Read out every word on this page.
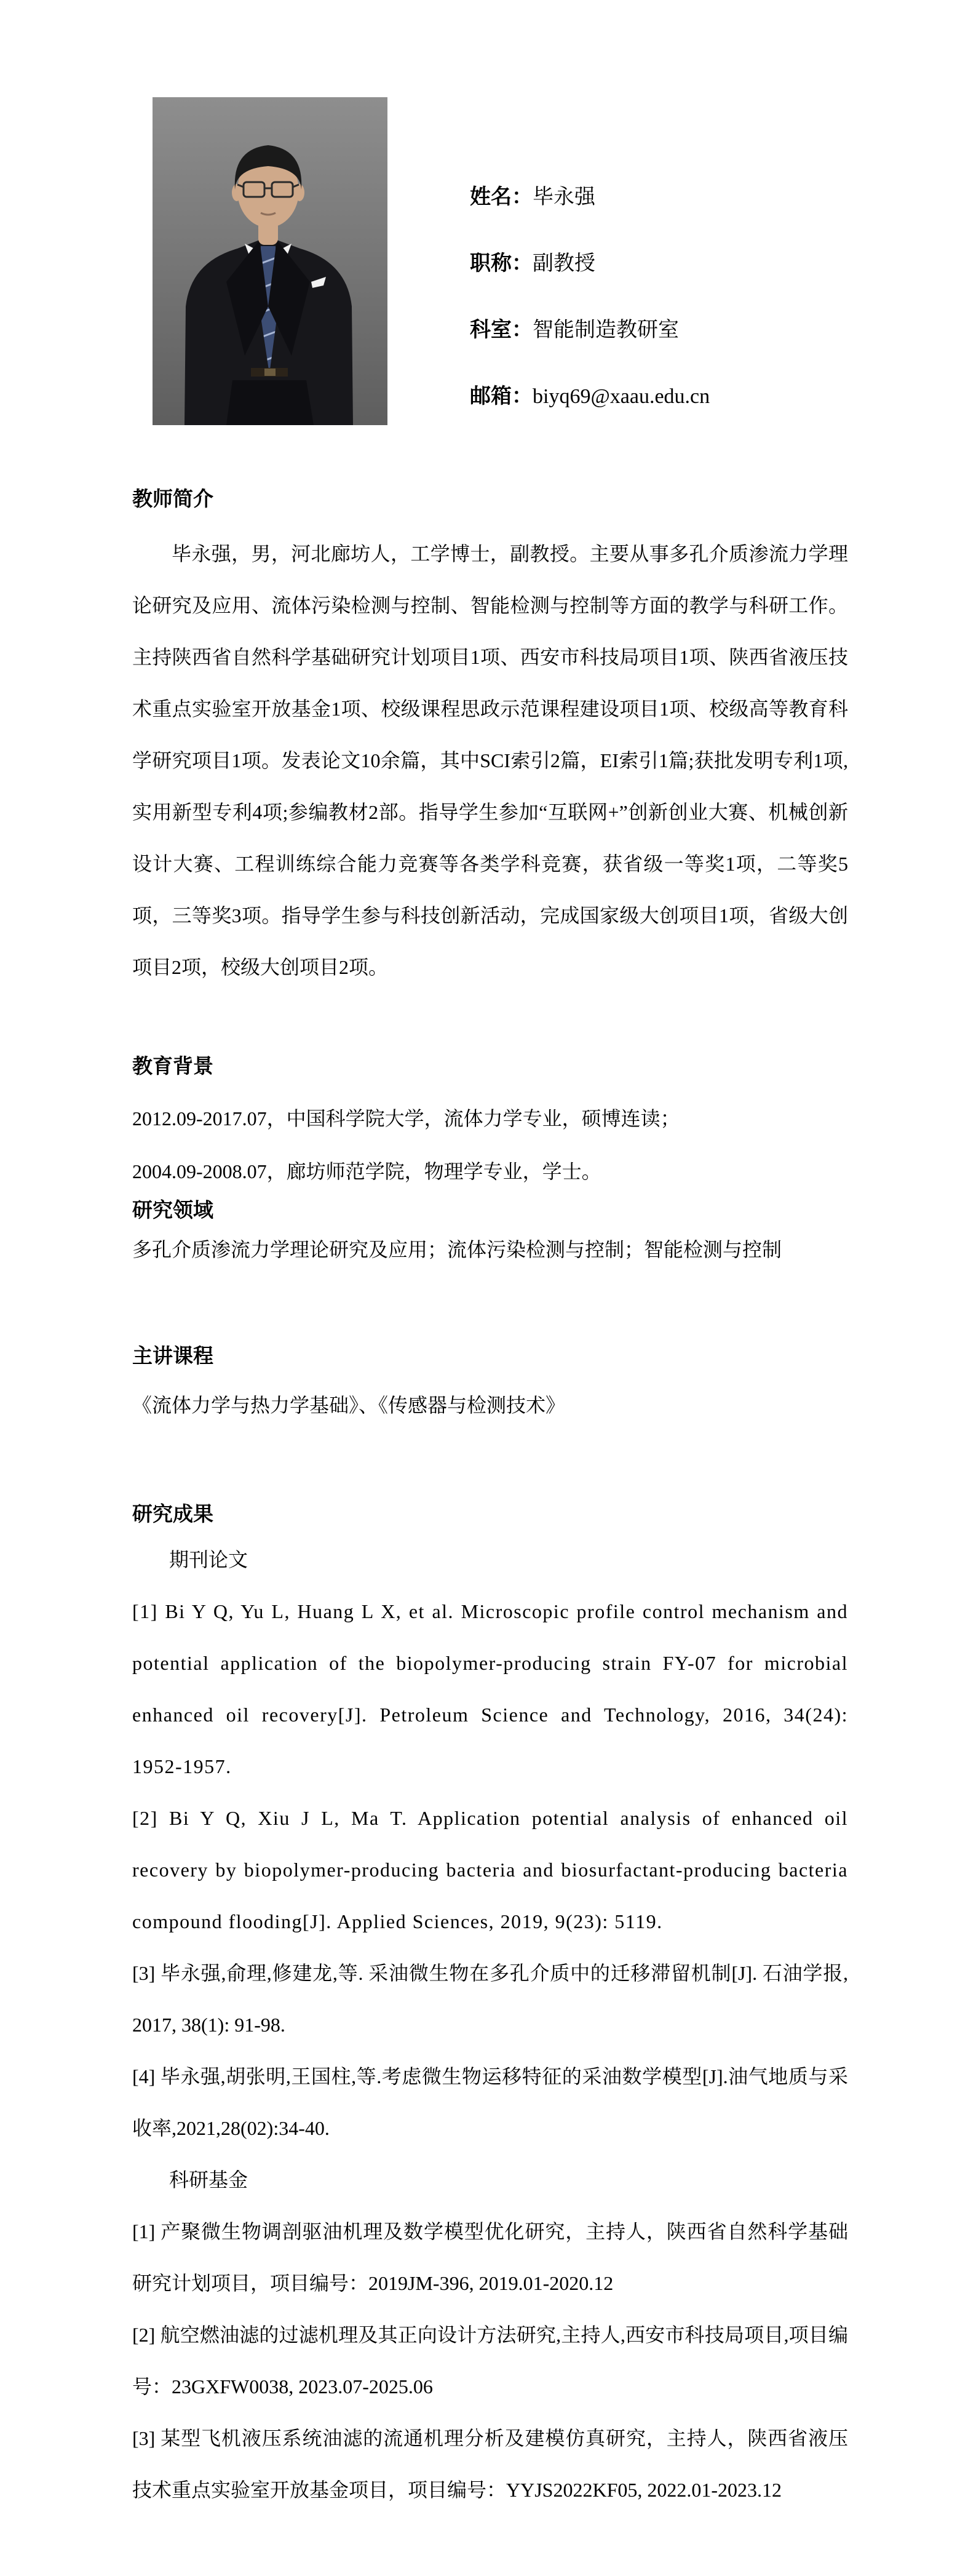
姓名：毕永强
职称：副教授
科室：智能制造教研室
邮箱：biyq69@xaau.edu.cn
教师简介

毕永强，男，河北廊坊人，工学博士，副教授。主要从事多孔介质渗流力学理论研究及应用、流体污染检测与控制、智能检测与控制等方面的教学与科研工作。主持陕西省自然科学基础研究计划项目1项、西安市科技局项目1项、陕西省液压技术重点实验室开放基金1项、校级课程思政示范课程建设项目1项、校级高等教育科学研究项目1项。发表论文10余篇，其中SCI索引2篇，EI索引1篇;获批发明专利1项,实用新型专利4项;参编教材2部。指导学生参加“互联网+”创新创业大赛、机械创新设计大赛、工程训练综合能力竞赛等各类学科竞赛，获省级一等奖1项，二等奖5项，三等奖3项。指导学生参与科技创新活动，完成国家级大创项目1项，省级大创项目2项，校级大创项目2项。

教育背景

2012.09-2017.07，中国科学院大学，流体力学专业，硕博连读；

2004.09-2008.07，廊坊师范学院，物理学专业，学士。

研究领域

多孔介质渗流力学理论研究及应用；流体污染检测与控制；智能检测与控制

主讲课程

《流体力学与热力学基础》、《传感器与检测技术》

研究成果

期刊论文

[1] Bi Y Q, Yu L, Huang L X, et al. Microscopic profile control mechanism and potential application of the biopolymer-producing strain FY-07 for microbial enhanced oil recovery[J]. Petroleum Science and Technology, 2016, 34(24): 1952-1957.

[2] Bi Y Q, Xiu J L, Ma T. Application potential analysis of enhanced oil recovery by biopolymer-producing bacteria and biosurfactant-producing bacteria compound flooding[J]. Applied Sciences, 2019, 9(23): 5119.

[3] 毕永强,俞理,修建龙,等. 采油微生物在多孔介质中的迁移滞留机制[J]. 石油学报, 2017, 38(1): 91-98.

[4] 毕永强,胡张明,王国柱,等.考虑微生物运移特征的采油数学模型[J].油气地质与采收率,2021,28(02):34-40.

科研基金

[1] 产聚微生物调剖驱油机理及数学模型优化研究，主持人，陕西省自然科学基础研究计划项目，项目编号：2019JM-396, 2019.01-2020.12

[2] 航空燃油滤的过滤机理及其正向设计方法研究,主持人,西安市科技局项目,项目编号：23GXFW0038, 2023.07-2025.06

[3] 某型飞机液压系统油滤的流通机理分析及建模仿真研究，主持人，陕西省液压技术重点实验室开放基金项目，项目编号：YYJS2022KF05, 2022.01-2023.12
